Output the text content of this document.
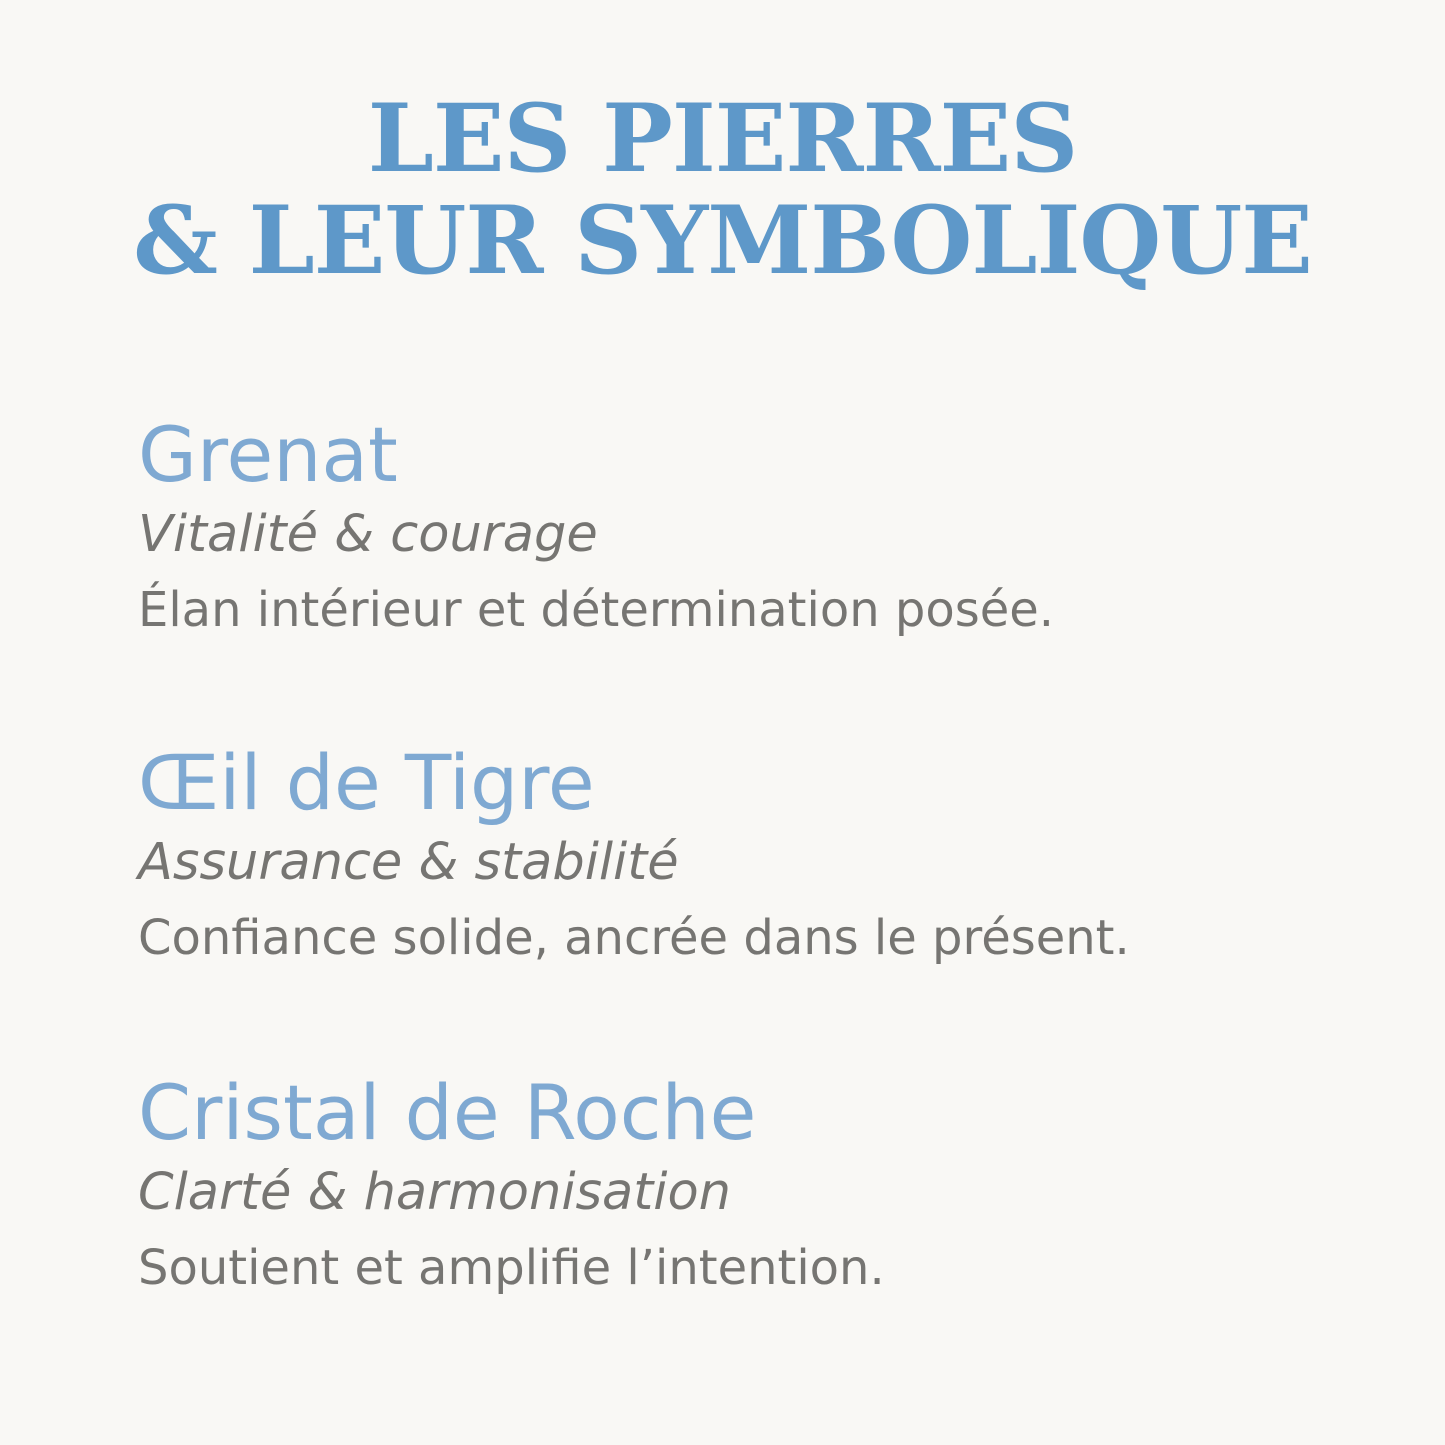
LES PIERRES
& LEUR SYMBOLIQUE
Grenat
Vitalité & courage
Élan intérieur et détermination posée.
Œil de Tigre
Assurance & stabilité
Confiance solide, ancrée dans le présent.
Cristal de Roche
Clarté & harmonisation
Soutient et amplifie l’intention.
